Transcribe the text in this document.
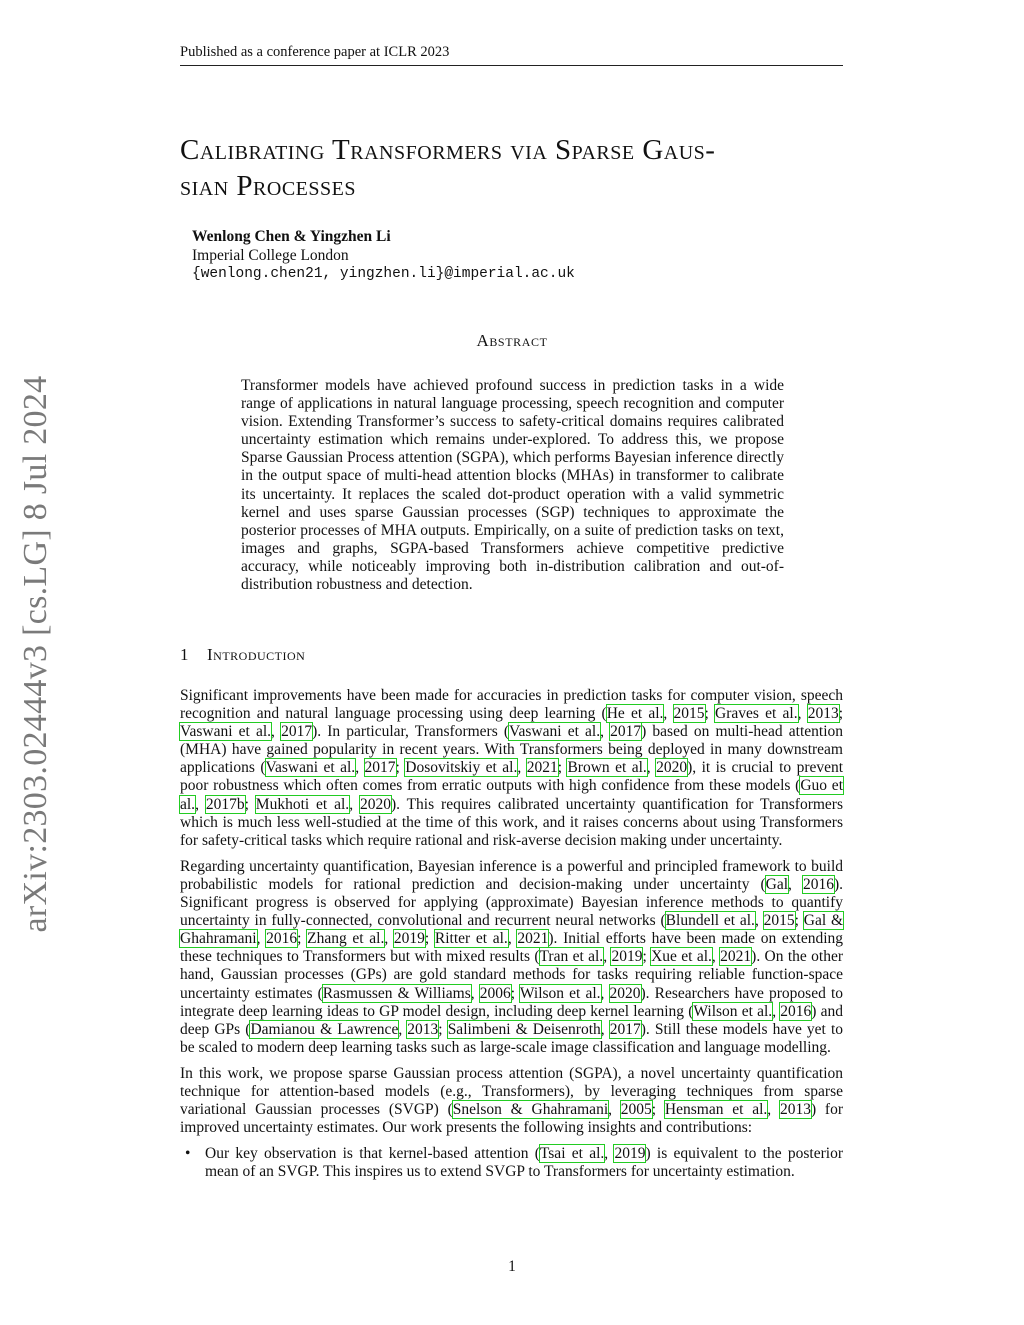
Published as a conference paper at ICLR 2023
arXiv:2303.02444v3 [cs.LG] 8 Jul 2024
Calibrating Transformers via Sparse Gaus-
sian Processes
Wenlong Chen & Yingzhen Li
Imperial College London
{wenlong.chen21, yingzhen.li}@imperial.ac.uk
Abstract
Transformer models have achieved profound success in prediction tasks in a wide range of applications in natural language processing, speech recognition and computer vision. Extending Transformer’s success to safety-critical domains requires calibrated uncertainty estimation which remains under-explored. To address this, we propose Sparse Gaussian Process attention (SGPA), which performs Bayesian inference directly in the output space of multi-head attention blocks (MHAs) in transformer to calibrate its uncertainty. It replaces the scaled dot-product operation with a valid symmetric kernel and uses sparse Gaussian processes (SGP) techniques to approximate the posterior processes of MHA outputs. Empirically, on a suite of prediction tasks on text, images and graphs, SGPA-based Transformers achieve competitive predictive accuracy, while noticeably improving both in-distribution calibration and out-of-distribution robustness and detection.
1 Introduction

Significant improvements have been made for accuracies in prediction tasks for computer vision, speech recognition and natural language processing using deep learning (He et al., 2015; Graves et al., 2013; Vaswani et al., 2017). In particular, Transformers (Vaswani et al., 2017) based on multi-head attention (MHA) have gained popularity in recent years. With Transformers being deployed in many downstream applications (Vaswani et al., 2017; Dosovitskiy et al., 2021; Brown et al., 2020), it is crucial to prevent poor robustness which often comes from erratic outputs with high confidence from these models (Guo et al., 2017b; Mukhoti et al., 2020). This requires calibrated uncertainty quantification for Transformers which is much less well-studied at the time of this work, and it raises concerns about using Transformers for safety-critical tasks which require rational and risk-averse decision making under uncertainty.

Regarding uncertainty quantification, Bayesian inference is a powerful and principled framework to build probabilistic models for rational prediction and decision-making under uncertainty (Gal, 2016). Significant progress is observed for applying (approximate) Bayesian inference methods to quantify uncertainty in fully-connected, convolutional and recurrent neural networks (Blundell et al., 2015; Gal & Ghahramani, 2016; Zhang et al., 2019; Ritter et al., 2021). Initial efforts have been made on extending these techniques to Transformers but with mixed results (Tran et al., 2019; Xue et al., 2021). On the other hand, Gaussian processes (GPs) are gold standard methods for tasks requiring reliable function-space uncertainty estimates (Rasmussen & Williams, 2006; Wilson et al., 2020). Researchers have proposed to integrate deep learning ideas to GP model design, including deep kernel learning (Wilson et al., 2016) and deep GPs (Damianou & Lawrence, 2013; Salimbeni & Deisenroth, 2017). Still these models have yet to be scaled to modern deep learning tasks such as large-scale image classification and language modelling.

In this work, we propose sparse Gaussian process attention (SGPA), a novel uncertainty quantification technique for attention-based models (e.g., Transformers), by leveraging techniques from sparse variational Gaussian processes (SVGP) (Snelson & Ghahramani, 2005; Hensman et al., 2013) for improved uncertainty estimates. Our work presents the following insights and contributions:

• Our key observation is that kernel-based attention (Tsai et al., 2019) is equivalent to the posterior mean of an SVGP. This inspires us to extend SVGP to Transformers for uncertainty estimation.
1
